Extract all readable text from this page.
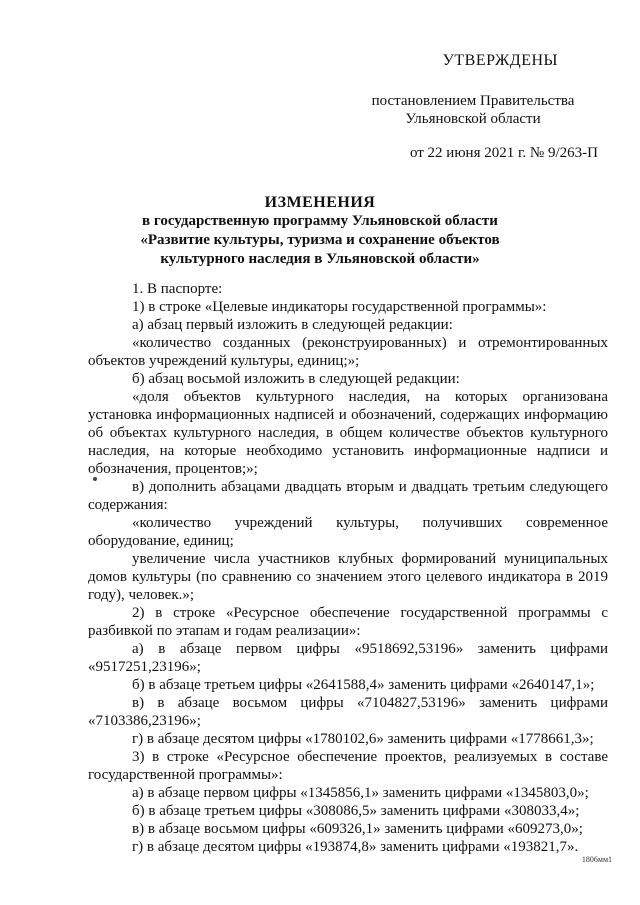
УТВЕРЖДЕНЫ
постановлением Правительства
Ульяновской области
от 22 июня 2021 г. № 9/263-П
ИЗМЕНЕНИЯ
в государственную программу Ульяновской области
«Развитие культуры, туризма и сохранение объектов
культурного наследия в Ульяновской области»

1. В паспорте:

1) в строке «Целевые индикаторы государственной программы»:

а) абзац первый изложить в следующей редакции:

«количество созданных (реконструированных) и отремонтированных объектов учреждений культуры, единиц;»;

б) абзац восьмой изложить в следующей редакции:

«доля объектов культурного наследия, на которых организована установка информационных надписей и обозначений, содержащих информацию об объектах культурного наследия, в общем количестве объектов культурного наследия, на которые необходимо установить информационные надписи и обозначения, процентов;»;

в) дополнить абзацами двадцать вторым и двадцать третьим следующего содержания:

«количество учреждений культуры, получивших современное оборудование, единиц;

увеличение числа участников клубных формирований муниципальных домов культуры (по сравнению со значением этого целевого индикатора в 2019 году), человек.»;

2) в строке «Ресурсное обеспечение государственной программы с разбивкой по этапам и годам реализации»:

а) в абзаце первом цифры «9518692,53196» заменить цифрами «9517251,23196»;

б) в абзаце третьем цифры «2641588,4» заменить цифрами «2640147,1»;

в) в абзаце восьмом цифры «7104827,53196» заменить цифрами «7103386,23196»;

г) в абзаце десятом цифры «1780102,6» заменить цифрами «1778661,3»;

3) в строке «Ресурсное обеспечение проектов, реализуемых в составе государственной программы»:

а) в абзаце первом цифры «1345856,1» заменить цифрами «1345803,0»;

б) в абзаце третьем цифры «308086,5» заменить цифрами «308033,4»;

в) в абзаце восьмом цифры «609326,1» заменить цифрами «609273,0»;

г) в абзаце десятом цифры «193874,8» заменить цифрами «193821,7».

1806мм1
